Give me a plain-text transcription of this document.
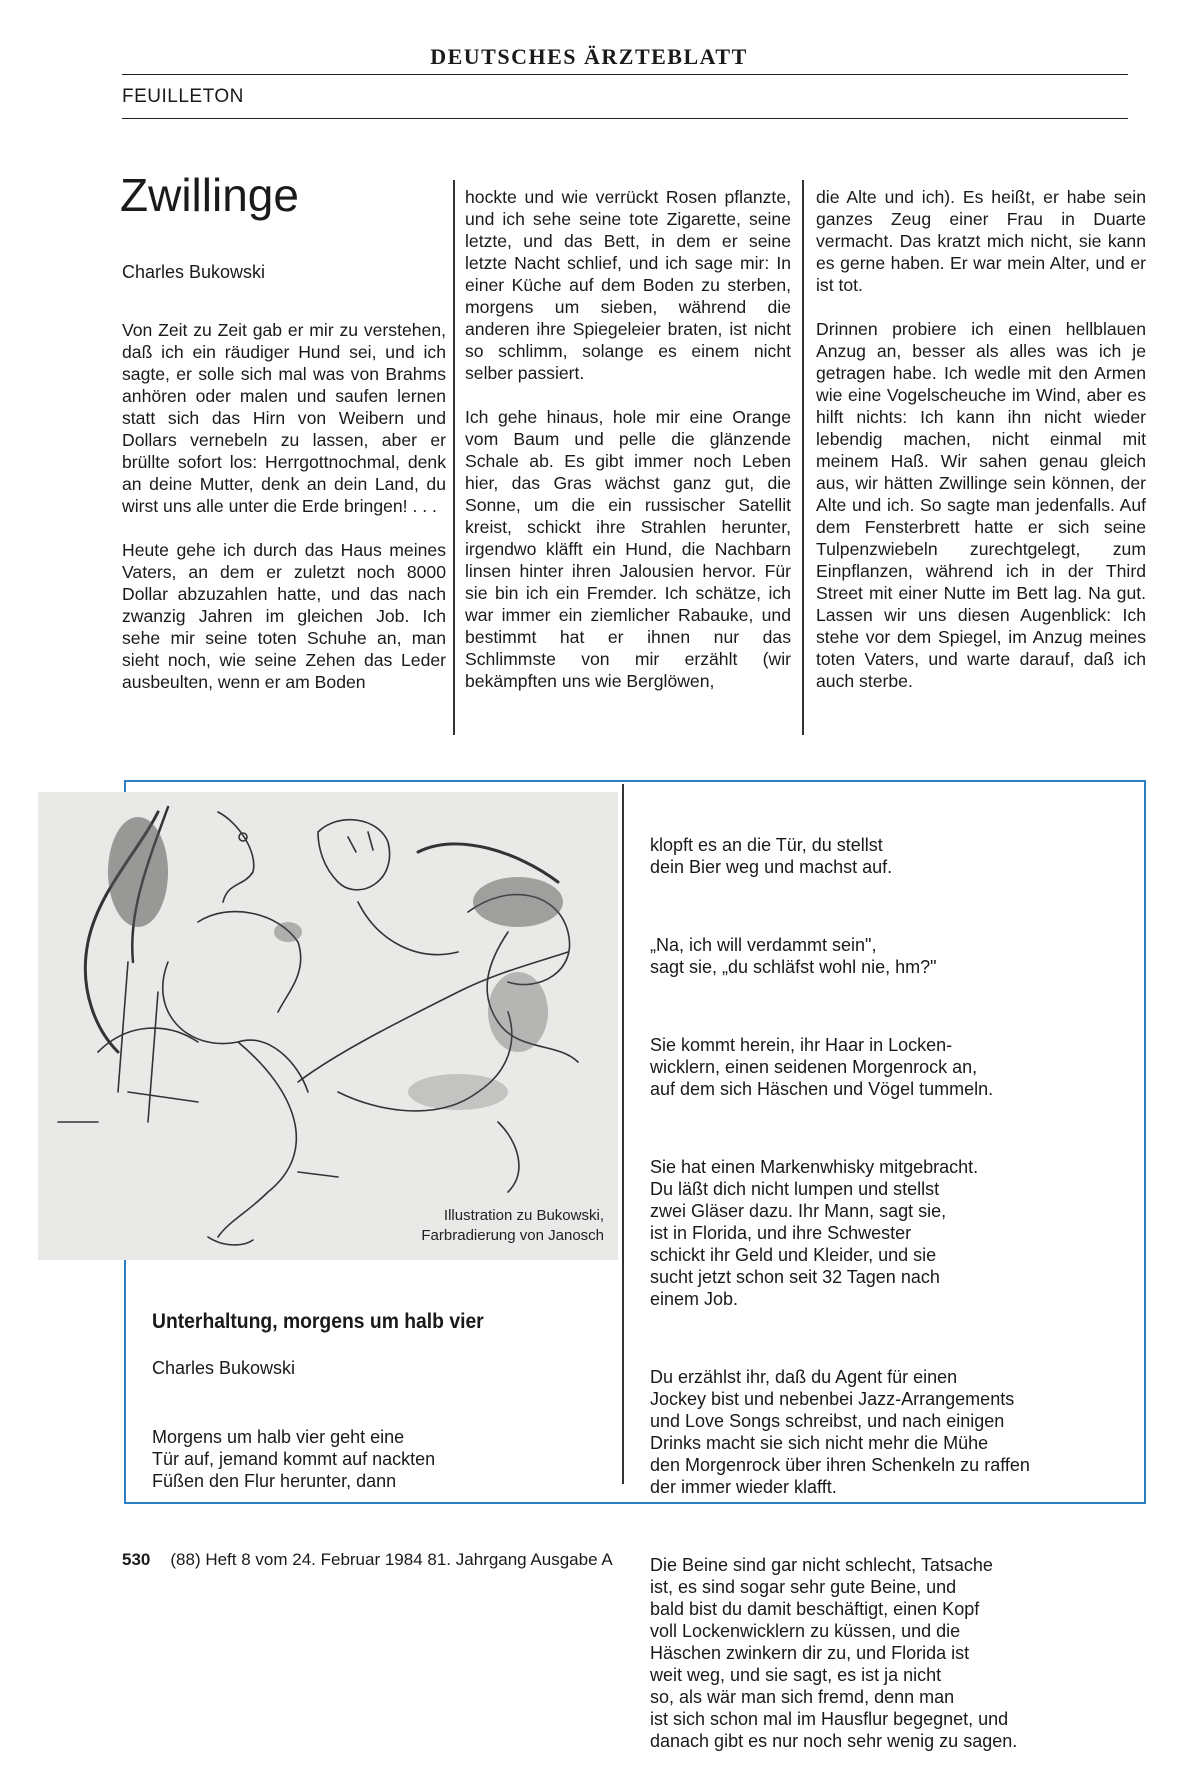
DEUTSCHES ÄRZTEBLATT
FEUILLETON
Zwillinge
Charles Bukowski

Von Zeit zu Zeit gab er mir zu verstehen, daß ich ein räudiger Hund sei, und ich sagte, er solle sich mal was von Brahms anhören oder malen und saufen lernen statt sich das Hirn von Weibern und Dollars vernebeln zu lassen, aber er brüllte sofort los: Herrgottnochmal, denk an deine Mutter, denk an dein Land, du wirst uns alle unter die Erde bringen! . . .

Heute gehe ich durch das Haus meines Vaters, an dem er zuletzt noch 8000 Dollar abzuzahlen hatte, und das nach zwanzig Jahren im gleichen Job. Ich sehe mir seine toten Schuhe an, man sieht noch, wie seine Zehen das Leder ausbeulten, wenn er am Boden

hockte und wie verrückt Rosen pflanzte, und ich sehe seine tote Zigarette, seine letzte, und das Bett, in dem er seine letzte Nacht schlief, und ich sage mir: In einer Küche auf dem Boden zu sterben, morgens um sieben, während die anderen ihre Spiegeleier braten, ist nicht so schlimm, solange es einem nicht selber passiert.

Ich gehe hinaus, hole mir eine Orange vom Baum und pelle die glänzende Schale ab. Es gibt immer noch Leben hier, das Gras wächst ganz gut, die Sonne, um die ein russischer Satellit kreist, schickt ihre Strahlen herunter, irgendwo kläfft ein Hund, die Nachbarn linsen hinter ihren Jalousien hervor. Für sie bin ich ein Fremder. Ich schätze, ich war immer ein ziemlicher Rabauke, und bestimmt hat er ihnen nur das Schlimmste von mir erzählt (wir bekämpften uns wie Berglöwen,

die Alte und ich). Es heißt, er habe sein ganzes Zeug einer Frau in Duarte vermacht. Das kratzt mich nicht, sie kann es gerne haben. Er war mein Alter, und er ist tot.

Drinnen probiere ich einen hellblauen Anzug an, besser als alles was ich je getragen habe. Ich wedle mit den Armen wie eine Vogelscheuche im Wind, aber es hilft nichts: Ich kann ihn nicht wieder lebendig machen, nicht einmal mit meinem Haß. Wir sahen genau gleich aus, wir hätten Zwillinge sein können, der Alte und ich. So sagte man jedenfalls. Auf dem Fensterbrett hatte er sich seine Tulpenzwiebeln zurechtgelegt, zum Einpflanzen, während ich in der Third Street mit einer Nutte im Bett lag. Na gut. Lassen wir uns diesen Augenblick: Ich stehe vor dem Spiegel, im Anzug meines toten Vaters, und warte darauf, daß ich auch sterbe.

Illustration zu Bukowski,
Farbradierung von Janosch
Unterhaltung, morgens um halb vier
Charles Bukowski
Morgens um halb vier geht eine
Tür auf, jemand kommt auf nackten
Füßen den Flur herunter, dann

klopft es an die Tür, du stellst
dein Bier weg und machst auf.

„Na, ich will verdammt sein",
sagt sie, „du schläfst wohl nie, hm?"

Sie kommt herein, ihr Haar in Locken-
wicklern, einen seidenen Morgenrock an,
auf dem sich Häschen und Vögel tummeln.

Sie hat einen Markenwhisky mitgebracht.
Du läßt dich nicht lumpen und stellst
zwei Gläser dazu. Ihr Mann, sagt sie,
ist in Florida, und ihre Schwester
schickt ihr Geld und Kleider, und sie
sucht jetzt schon seit 32 Tagen nach
einem Job.

Du erzählst ihr, daß du Agent für einen
Jockey bist und nebenbei Jazz-Arrangements
und Love Songs schreibst, und nach einigen
Drinks macht sie sich nicht mehr die Mühe
den Morgenrock über ihren Schenkeln zu raffen
der immer wieder klafft.

Die Beine sind gar nicht schlecht, Tatsache
ist, es sind sogar sehr gute Beine, und
bald bist du damit beschäftigt, einen Kopf
voll Lockenwicklern zu küssen, und die
Häschen zwinkern dir zu, und Florida ist
weit weg, und sie sagt, es ist ja nicht
so, als wär man sich fremd, denn man
ist sich schon mal im Hausflur begegnet, und
danach gibt es nur noch sehr wenig zu sagen.

530 (88) Heft 8 vom 24. Februar 1984 81. Jahrgang Ausgabe A
